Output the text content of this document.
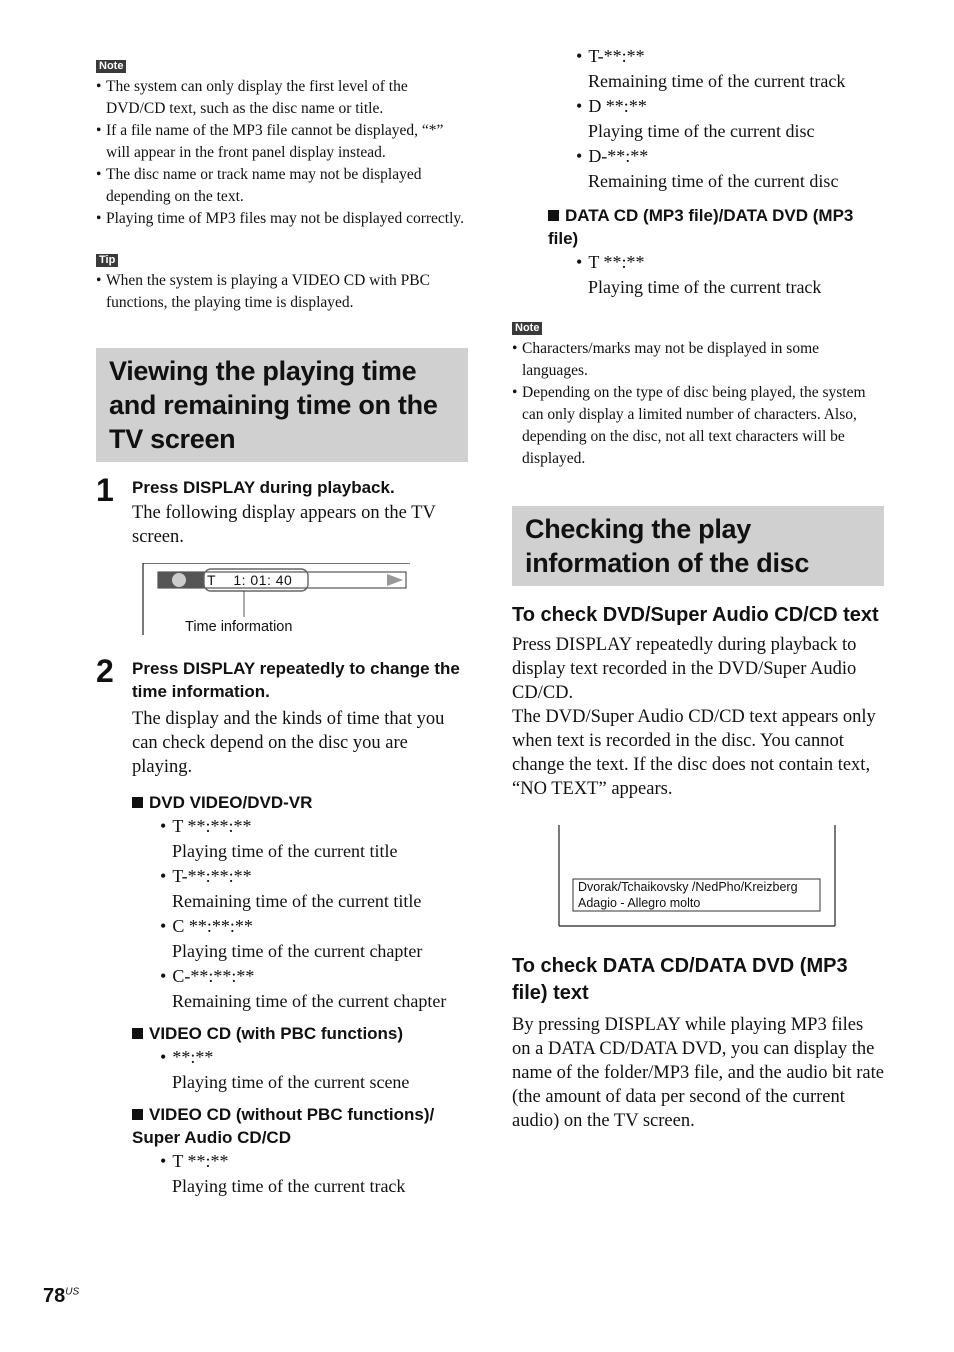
Note
• The system can only display the first level of the DVD/CD text, such as the disc name or title.
• If a file name of the MP3 file cannot be displayed, “*” will appear in the front panel display instead.
• The disc name or track name may not be displayed depending on the text.
• Playing time of MP3 files may not be displayed correctly.
Tip
• When the system is playing a VIDEO CD with PBC functions, the playing time is displayed.
Viewing the playing time and remaining time on the TV screen
1 Press DISPLAY during playback.
The following display appears on the TV screen.
T    1: 01: 40
Time information
2 Press DISPLAY repeatedly to change the time information.
The display and the kinds of time that you can check depend on the disc you are playing.
DVD VIDEO/DVD-VR
• T **:**:**
Playing time of the current title
• T-**:**:**
Remaining time of the current title
• C **:**:**
Playing time of the current chapter
• C-**:**:**
Remaining time of the current chapter
VIDEO CD (with PBC functions)
• **:**
Playing time of the current scene
VIDEO CD (without PBC functions)/ Super Audio CD/CD
• T **:**
Playing time of the current track
• T-**:**
Remaining time of the current track
• D **:**
Playing time of the current disc
• D-**:**
Remaining time of the current disc
DATA CD (MP3 file)/DATA DVD (MP3 file)
• T **:**
Playing time of the current track
Note
• Characters/marks may not be displayed in some languages.
• Depending on the type of disc being played, the system can only display a limited number of characters. Also, depending on the disc, not all text characters will be displayed.
Checking the play information of the disc
To check DVD/Super Audio CD/CD text
Press DISPLAY repeatedly during playback to display text recorded in the DVD/Super Audio CD/CD.
The DVD/Super Audio CD/CD text appears only when text is recorded in the disc. You cannot change the text. If the disc does not contain text, “NO TEXT” appears.
Dvorak/Tchaikovsky /NedPho/Kreizberg
Adagio - Allegro molto
To check DATA CD/DATA DVD (MP3 file) text
By pressing DISPLAY while playing MP3 files on a DATA CD/DATA DVD, you can display the name of the folder/MP3 file, and the audio bit rate (the amount of data per second of the current audio) on the TV screen.
$78^{US}$
